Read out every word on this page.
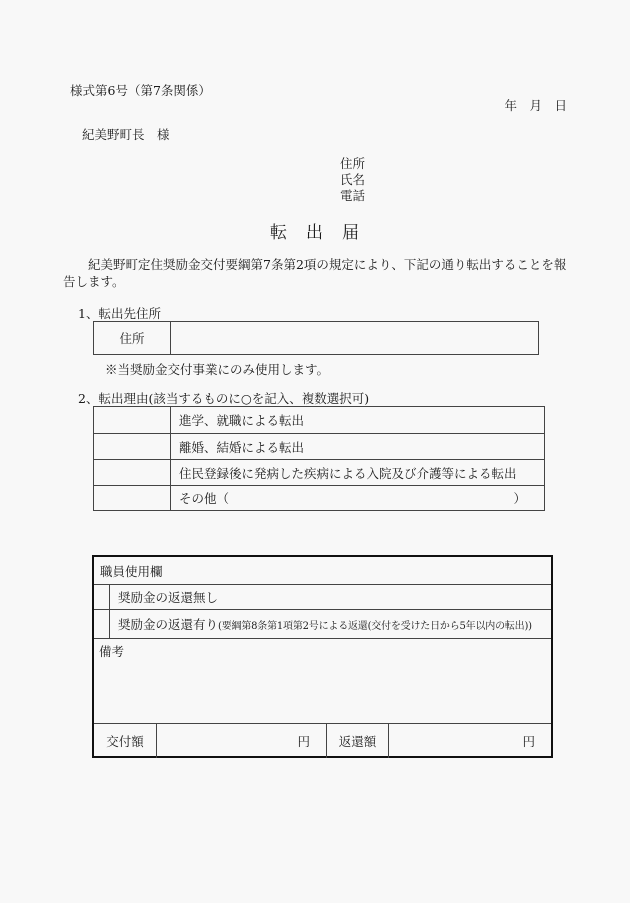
様式第6号（第7条関係）
年　月　日
紀美野町長　様
住所
氏名
電話
転　出　届
紀美野町定住奨励金交付要綱第7条第2項の規定により、下記の通り転出することを報
告します。
1、転出先住所
住所
※当奨励金交付事業にのみ使用します。
2、転出理由(該当するものに○を記入、複数選択可)
進学、就職による転出
離婚、結婚による転出
住民登録後に発病した疾病による入院及び介護等による転出
その他（	）
職員使用欄
奨励金の返還無し
奨励金の返還有り (要綱第8条第1項第2号による返還(交付を受けた日から5年以内の転出))
備考
交付額	円	返還額	円
